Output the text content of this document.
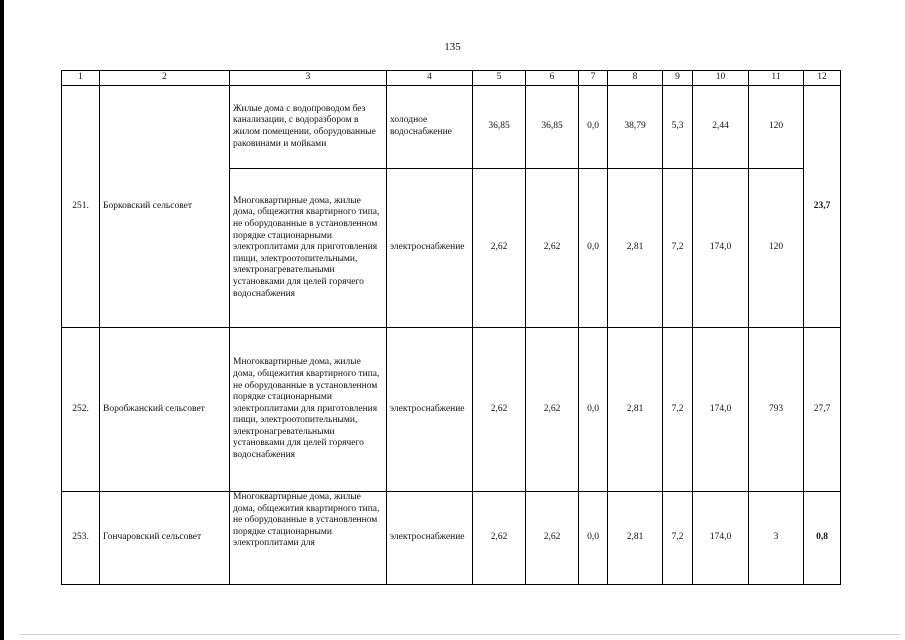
135
1	2	3	4	5	6	7	8	9	10	11	12
251.	Борковский сельсовет	Жилые дома с водопроводом без канализации, с водоразбором в жилом помещении, оборудованные раковинами и мойками	холодное водоснабжение	36,85	36,85	0,0	38,79	5,3	2,44	120	23,7
		Многоквартирные дома, жилые дома, общежития квартирного типа, не оборудованные в установленном порядке стационарными электроплитами для приготовления пищи, электроотопительными, электронагревательными установками для целей горячего водоснабжения	электроснабжение	2,62	2,62	0,0	2,81	7,2	174,0	120	
252.	Воробжанский сельсовет	Многоквартирные дома, жилые дома, общежития квартирного типа, не оборудованные в установленном порядке стационарными электроплитами для приготовления пищи, электроотопительными, электронагревательными установками для целей горячего водоснабжения	электроснабжение	2,62	2,62	0,0	2,81	7,2	174,0	793	27,7
253.	Гончаровский сельсовет	Многоквартирные дома, жилые дома, общежития квартирного типа, не оборудованные в установленном порядке стационарными электроплитами для	электроснабжение	2,62	2,62	0,0	2,81	7,2	174,0	3	0,8
